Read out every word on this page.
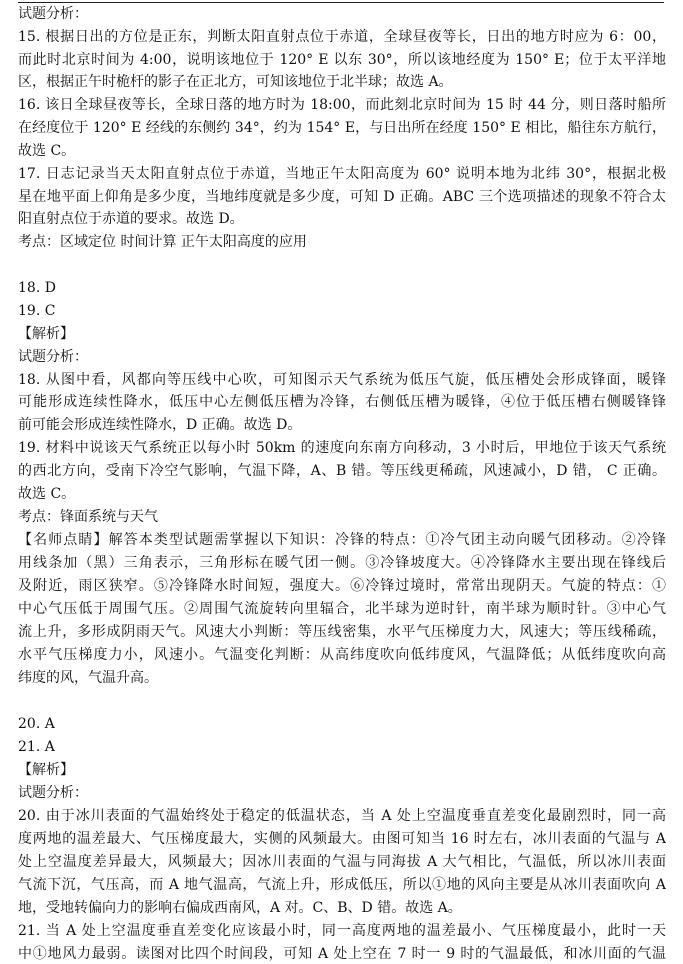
试题分析：
15. 根据日出的方位是正东，判断太阳直射点位于赤道，全球昼夜等长，日出的地方时应为 6：00，
而此时北京时间为 4:00，说明该地位于 120° E 以东 30°，所以该地经度为 150° E；位于太平洋地
区，根据正午时桅杆的影子在正北方，可知该地位于北半球；故选 A。
16. 该日全球昼夜等长，全球日落的地方时为 18:00，而此刻北京时间为 15 时 44 分，则日落时船所
在经度位于 120° E 经线的东侧约 34°，约为 154° E，与日出所在经度 150° E 相比，船往东方航行，
故选 C。
17. 日志记录当天太阳直射点位于赤道，当地正午太阳高度为 60° 说明本地为北纬 30°，根据北极
星在地平面上仰角是多少度，当地纬度就是多少度，可知 D 正确。ABC 三个选项描述的现象不符合太
阳直射点位于赤道的要求。故选 D。
考点：区域定位 时间计算 正午太阳高度的应用
18. D
19. C
【解析】
试题分析：
18. 从图中看，风都向等压线中心吹，可知图示天气系统为低压气旋，低压槽处会形成锋面，暖锋
可能形成连续性降水，低压中心左侧低压槽为冷锋，右侧低压槽为暖锋，④位于低压槽右侧暖锋锋
前可能会形成连续性降水，D 正确。故选 D。
19. 材料中说该天气系统正以每小时 50km 的速度向东南方向移动，3 小时后，甲地位于该天气系统
的西北方向，受南下冷空气影响，气温下降，A、B 错。等压线更稀疏，风速减小，D 错， C 正确。
故选 C。
考点：锋面系统与天气
【名师点睛】解答本类型试题需掌握以下知识：冷锋的特点：①冷气团主动向暖气团移动。②冷锋
用线条加（黑）三角表示，三角形标在暖气团一侧。③冷锋坡度大。④冷锋降水主要出现在锋线后
及附近，雨区狭窄。⑤冷锋降水时间短，强度大。⑥冷锋过境时，常常出现阴天。气旋的特点：①
中心气压低于周围气压。②周围气流旋转向里辐合，北半球为逆时针，南半球为顺时针。③中心气
流上升，多形成阴雨天气。风速大小判断：等压线密集，水平气压梯度力大，风速大；等压线稀疏，
水平气压梯度力小，风速小。气温变化判断：从高纬度吹向低纬度风，气温降低；从低纬度吹向高
纬度的风，气温升高。
20. A
21. A
【解析】
试题分析：
20. 由于冰川表面的气温始终处于稳定的低温状态，当 A 处上空温度垂直差变化最剧烈时，同一高
度两地的温差最大、气压梯度最大，实侧的风频最大。由图可知当 16 时左右，冰川表面的气温与 A
处上空温度差异最大，风频最大；因冰川表面的气温与同海拔 A 大气相比，气温低，所以冰川表面
气流下沉，气压高，而 A 地气温高，气流上升，形成低压，所以①地的风向主要是从冰川表面吹向 A
地，受地转偏向力的影响右偏成西南风，A 对。C、B、D 错。故选 A。
21. 当 A 处上空温度垂直差变化应该最小时，同一高度两地的温差最小、气压梯度最小，此时一天
中①地风力最弱。读图对比四个时间段，可知 A 处上空在 7 时一 9 时的气温最低，和冰川面的气温
